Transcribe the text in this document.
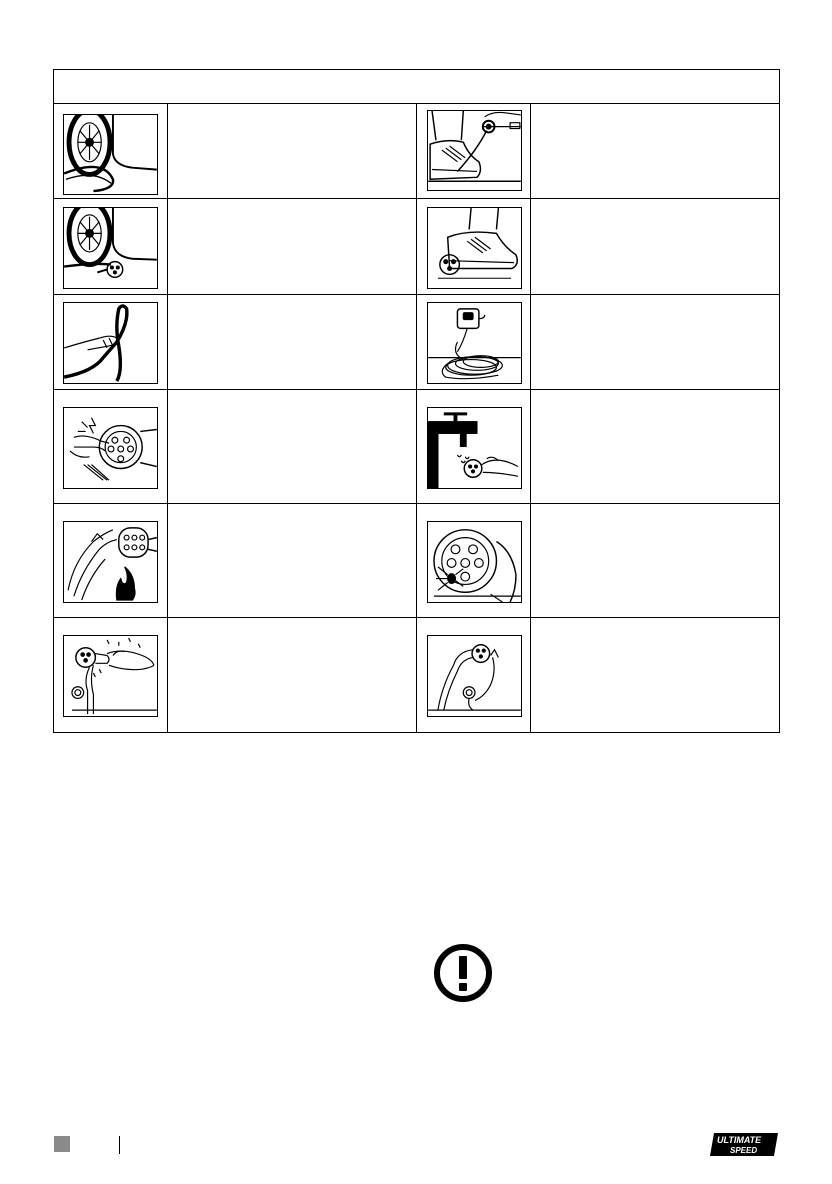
ULTIMATE
SPEED
